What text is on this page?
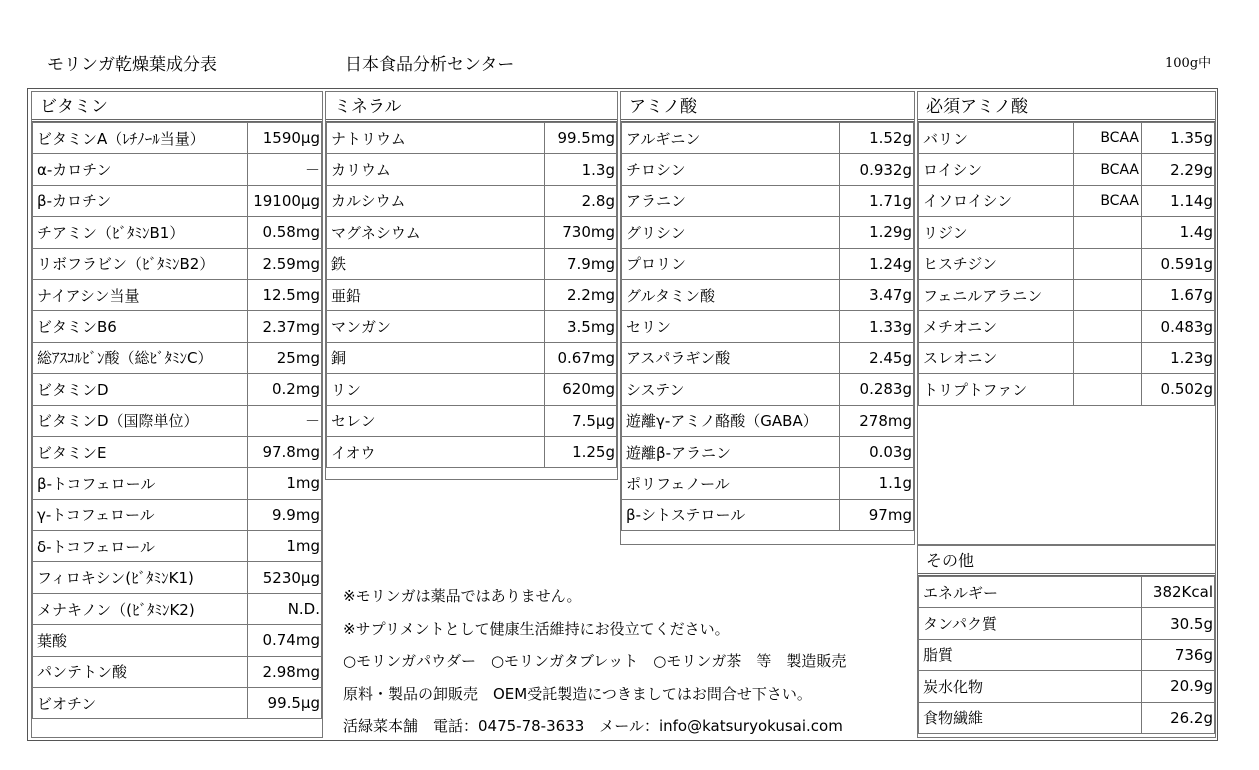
モリンガ乾燥葉成分表	日本食品分析センター	100g中
ビタミン
ビタミンA（ﾚﾁﾉｰﾙ当量）	1590μg
α-カロチン	－
β-カロチン	19100μg
チアミン（ﾋﾞﾀﾐﾝB1）	0.58mg
リボフラビン（ﾋﾞﾀﾐﾝB2）	2.59mg
ナイアシン当量	12.5mg
ビタミンB6	2.37mg
総ｱｽｺﾙﾋﾞﾝ酸（総ﾋﾞﾀﾐﾝC）	25mg
ビタミンD	0.2mg
ビタミンD（国際単位）	－
ビタミンE	97.8mg
β-トコフェロール	1mg
γ-トコフェロール	9.9mg
δ-トコフェロール	1mg
フィロキシン(ﾋﾞﾀﾐﾝK1)	5230μg
メナキノン（(ﾋﾞﾀﾐﾝK2)	N.D.
葉酸	0.74mg
パンテトン酸	2.98mg
ビオチン	99.5μg
ミネラル
ナトリウム	99.5mg
カリウム	1.3g
カルシウム	2.8g
マグネシウム	730mg
鉄	7.9mg
亜鉛	2.2mg
マンガン	3.5mg
銅	0.67mg
リン	620mg
セレン	7.5μg
イオウ	1.25g
アミノ酸
アルギニン	1.52g
チロシン	0.932g
アラニン	1.71g
グリシン	1.29g
プロリン	1.24g
グルタミン酸	3.47g
セリン	1.33g
アスパラギン酸	2.45g
システン	0.283g
遊離γ-アミノ酪酸（GABA）	278mg
遊離β-アラニン	0.03g
ポリフェノール	1.1g
β-シトステロール	97mg
必須アミノ酸
バリン	BCAA	1.35g
ロイシン	BCAA	2.29g
イソロイシン	BCAA	1.14g
リジン		1.4g
ヒスチジン		0.591g
フェニルアラニン		1.67g
メチオニン		0.483g
スレオニン		1.23g
トリプトファン		0.502g
その他
エネルギー	382Kcal
タンパク質	30.5g
脂質	736g
炭水化物	20.9g
食物繊維	26.2g
※モリンガは薬品ではありません。
※サプリメントとして健康生活維持にお役立てください。
○モリンガパウダー　○モリンガタブレット　○モリンガ茶　等　製造販売
原料・製品の卸販売　OEM受託製造につきましてはお問合せ下さい。
活緑菜本舗　電話：0475-78-3633　メール：info@katsuryokusai.com
